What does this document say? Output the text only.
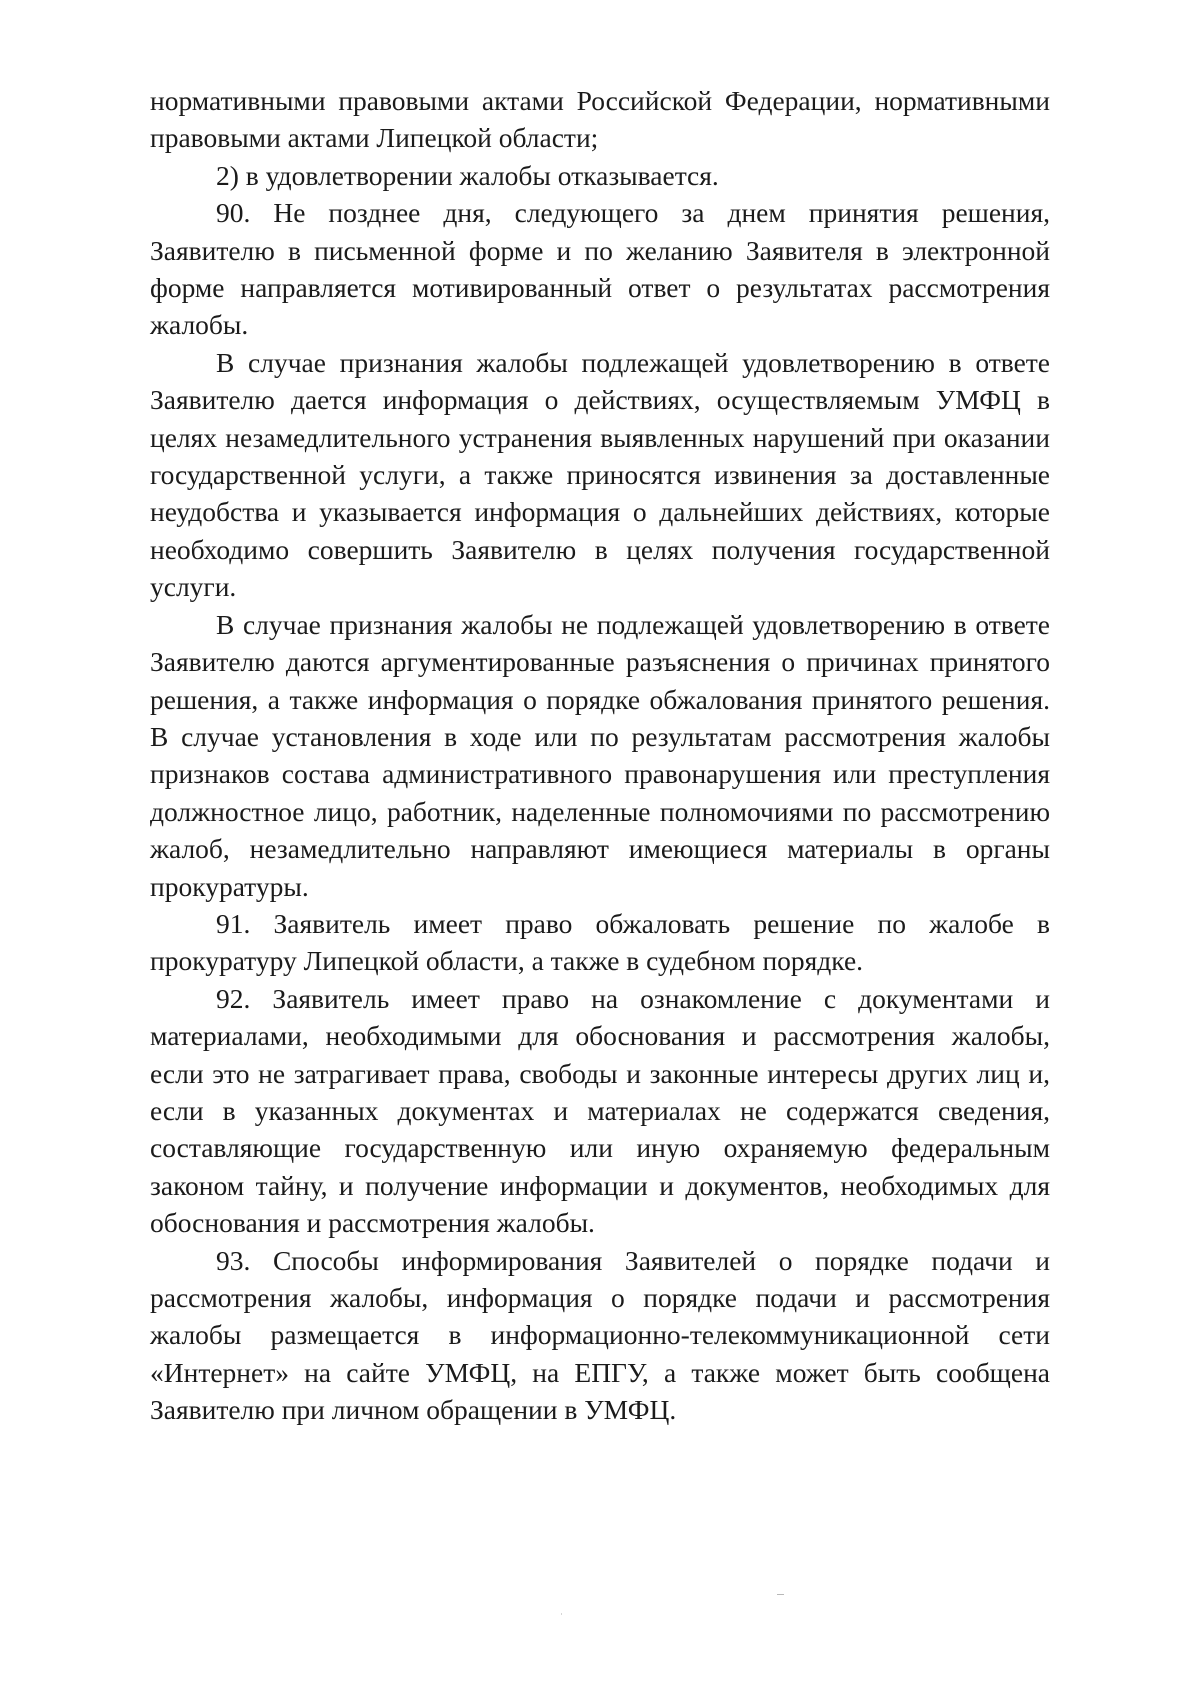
нормативными правовыми актами Российской Федерации, нормативными правовыми актами Липецкой области;

2) в удовлетворении жалобы отказывается.

90. Не позднее дня, следующего за днем принятия решения, Заявителю в письменной форме и по желанию Заявителя в электронной форме направляется мотивированный ответ о результатах рассмотрения жалобы.

В случае признания жалобы подлежащей удовлетворению в ответе Заявителю дается информация о действиях, осуществляемым УМФЦ в целях незамедлительного устранения выявленных нарушений при оказании государственной услуги, а также приносятся извинения за доставленные неудобства и указывается информация о дальнейших действиях, которые необходимо совершить Заявителю в целях получения государственной услуги.

В случае признания жалобы не подлежащей удовлетворению в ответе Заявителю даются аргументированные разъяснения о причинах принятого решения, а также информация о порядке обжалования принятого решения. В случае установления в ходе или по результатам рассмотрения жалобы признаков состава административного правонарушения или преступления должностное лицо, работник, наделенные полномочиями по рассмотрению жалоб, незамедлительно направляют имеющиеся материалы в органы прокуратуры.

91. Заявитель имеет право обжаловать решение по жалобе в прокуратуру Липецкой области, а также в судебном порядке.

92. Заявитель имеет право на ознакомление с документами и материалами, необходимыми для обоснования и рассмотрения жалобы, если это не затрагивает права, свободы и законные интересы других лиц и, если в указанных документах и материалах не содержатся сведения, составляющие государственную или иную охраняемую федеральным законом тайну, и получение информации и документов, необходимых для обоснования и рассмотрения жалобы.

93. Способы информирования Заявителей о порядке подачи и рассмотрения жалобы, информация о порядке подачи и рассмотрения жалобы размещается в информационно-телекоммуникационной сети «Интернет» на сайте УМФЦ, на ЕПГУ, а также может быть сообщена Заявителю при личном обращении в УМФЦ.
